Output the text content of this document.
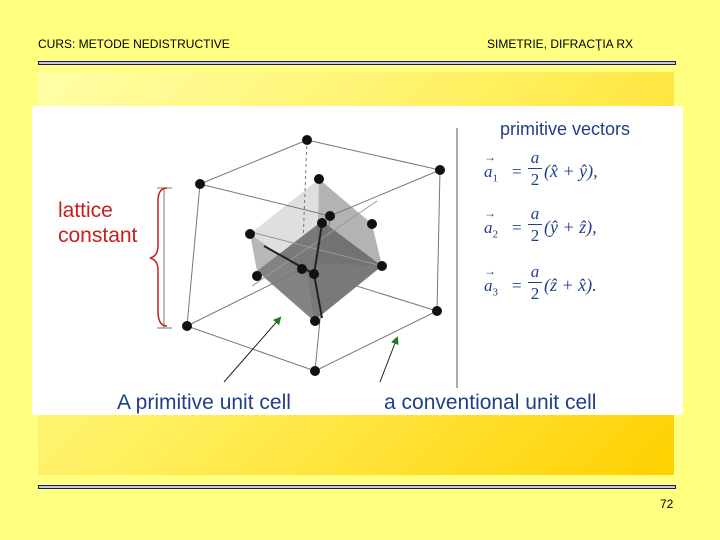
CURS: METODE NEDISTRUCTIVE	SIMETRIE, DIFRACŢIA RX

lattice
constant

primitive vectors
A primitive unit cell	a conventional unit cell
→ $a_1$ =
a
2 (x̂ + ŷ),
→ $a_2$ =
a
2 (ŷ + ẑ),
→ $a_3$ =
a
2 (ẑ + x̂).
72
